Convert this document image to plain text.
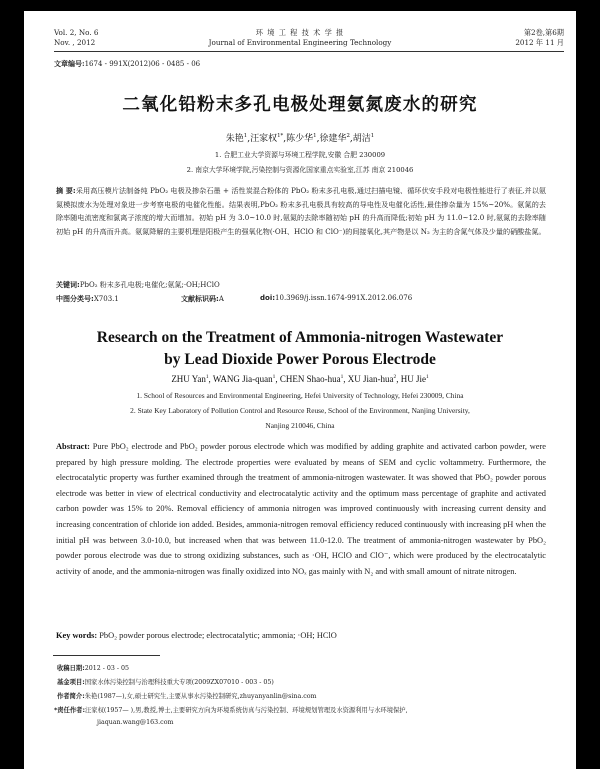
Vol. 2, No. 6
Nov. , 2012
环 境 工 程 技 术 学 报
Journal of Environmental Engineering Technology
第2卷,第6期
2012 年 11 月
文章编号:1674 - 991X(2012)06 - 0485 - 06
二氧化铅粉末多孔电极处理氨氮废水的研究
朱艳$^1$,汪家权$^{1*}$,陈少华$^1$,徐建华$^2$,胡洁$^1$
1. 合肥工业大学资源与环境工程学院,安徽 合肥 230009
2. 南京大学环境学院,污染控制与资源化国家重点实验室,江苏 南京 210046
摘 要:采用高压模片法制备纯 PbO₂ 电极及掺杂石墨 + 活性炭混合粉体的 PbO₂ 粉末多孔电极,通过扫描电镜、循环伏安手段对电极性能进行了表征,并以氨氮模拟废水为处理对象进一步考察电极的电催化性能。结果表明,PbO₂ 粉末多孔电极具有较高的导电性及电催化活性,最佳掺杂量为 15%~20%。氨氮的去除率随电流密度和氯离子浓度的增大而增加。初始 pH 为 3.0~10.0 时,氨氮的去除率随初始 pH 的升高而降低;初始 pH 为 11.0~12.0 时,氨氮的去除率随初始 pH 的升高而升高。氨氮降解的主要机理是阳极产生的强氧化物(·OH、HClO 和 ClO⁻)的间接氧化,其产物是以 N₂ 为主的含氮气体及少量的硝酸盐氮。
关键词:PbO₂ 粉末多孔电极;电催化;氨氮;·OH;HClO
中图分类号:X703.1	文献标识码:A	doi:10.3969/j.issn.1674-991X.2012.06.076
Research on the Treatment of Ammonia-nitrogen Wastewater
by Lead Dioxide Power Porous Electrode
ZHU Yan$^1$, WANG Jia-quan$^1$, CHEN Shao-hua$^1$, XU Jian-hua$^2$, HU Jie$^1$
1. School of Resources and Environmental Engineering, Hefei University of Technology, Hefei 230009, China
2. State Key Laboratory of Pollution Control and Resource Reuse, School of the Environment, Nanjing University,
Nanjing 210046, China
Abstract: Pure PbO₂ electrode and PbO₂ powder porous electrode which was modified by adding graphite and activated carbon powder, were prepared by high pressure molding. The electrode properties were evaluated by means of SEM and cyclic voltammetry. Furthermore, the electrocatalytic property was further examined through the treatment of ammonia-nitrogen wastewater. It was showed that PbO₂ powder porous electrode was better in view of electrical conductivity and electrocatalytic activity and the optimum mass percentage of graphite and activated carbon powder was 15% to 20%. Removal efficiency of ammonia nitrogen was improved continuously with increasing current density and increasing concentration of chloride ion added. Besides, ammonia-nitrogen removal efficiency reduced continuously with increasing pH when the initial pH was between 3.0-10.0, but increased when that was between 11.0-12.0. The treatment of ammonia-nitrogen wastewater by PbO₂ powder porous electrode was due to strong oxidizing substances, such as ·OH, HClO and ClO⁻, which were produced by the electrocatalytic activity of anode, and the ammonia-nitrogen was finally oxidized into NOₓ gas mainly with N₂ and with small amount of nitrate nitrogen.
Key words: PbO₂ powder porous electrode; electrocatalytic; ammonia; ·OH; HClO
收稿日期:2012 - 03 - 05
基金项目:国家水体污染控制与治理科技重大专项(2009ZX07010 - 003 - 05)
作者简介:朱艳(1987—),女,硕士研究生,主要从事水污染控制研究,zhuyanyanlin@sina.com
*责任作者:汪家权(1957— ),男,教授,博士,主要研究方向为环境系统仿真与污染控制、环境规划管理及水资源利用与水环境保护,
jiaquan.wang@163.com
